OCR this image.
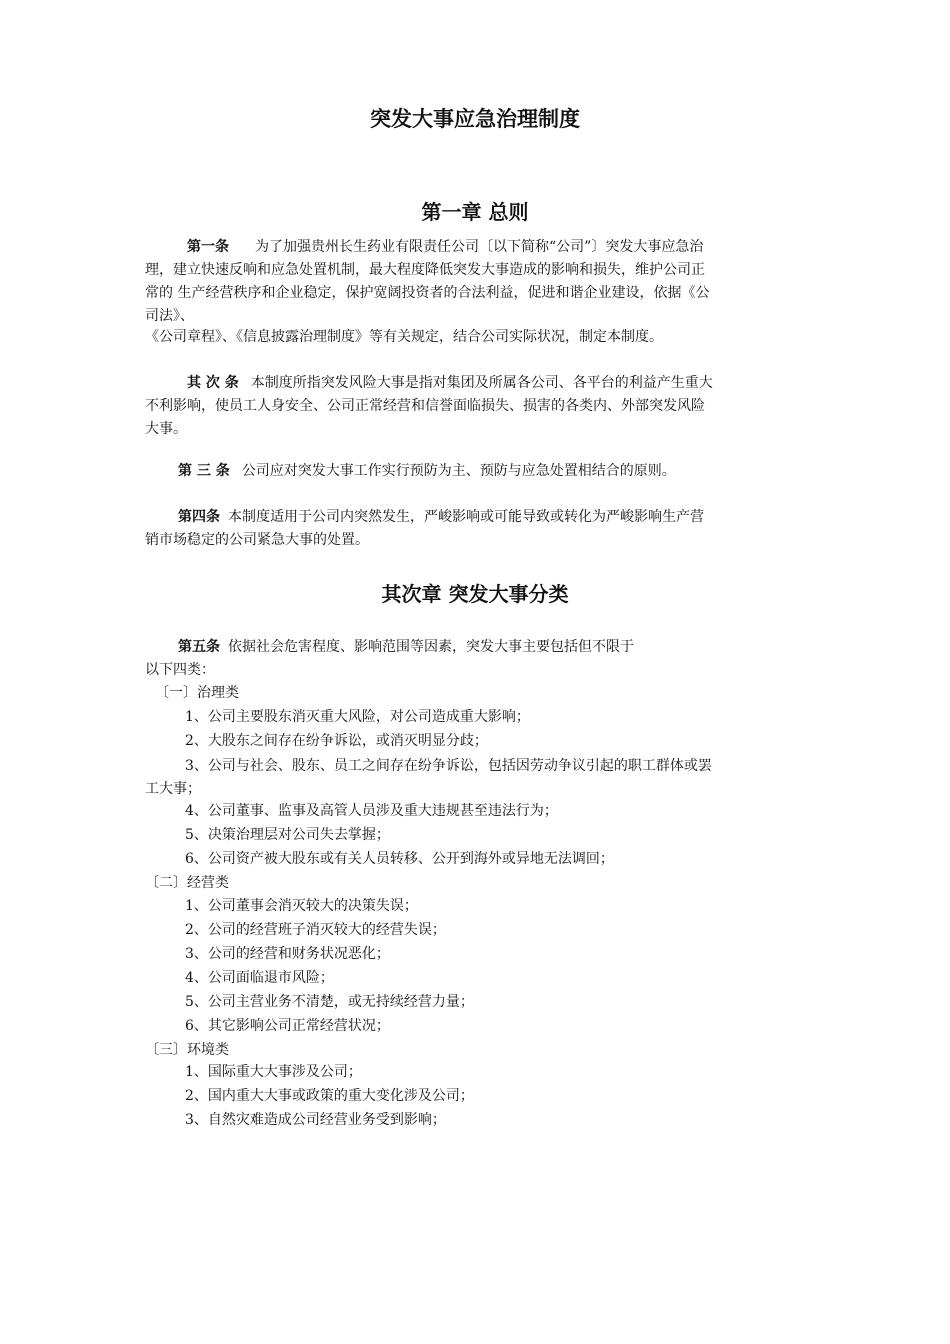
突发大事应急治理制度
第一章 总则
第一条 为了加强贵州长生药业有限责任公司〔以下简称“公司”〕突发大事应急治
理，建立快速反响和应急处置机制，最大程度降低突发大事造成的影响和损失，维护公司正
常的 生产经营秩序和企业稳定，保护宽阔投资者的合法利益，促进和谐企业建设，依据《公
司法》、
《公司章程》、《信息披露治理制度》等有关规定，结合公司实际状况，制定本制度。
其 次 条 本制度所指突发风险大事是指对集团及所属各公司、各平台的利益产生重大
不利影响，使员工人身安全、公司正常经营和信誉面临损失、损害的各类内、外部突发风险
大事。
第 三 条 公司应对突发大事工作实行预防为主、预防与应急处置相结合的原则。
第四条 本制度适用于公司内突然发生，严峻影响或可能导致或转化为严峻影响生产营
销市场稳定的公司紧急大事的处置。
其次章 突发大事分类
第五条 依据社会危害程度、影响范围等因素，突发大事主要包括但不限于
以下四类：
〔一〕治理类
1、公司主要股东消灭重大风险，对公司造成重大影响；
2、大股东之间存在纷争诉讼，或消灭明显分歧；
3、公司与社会、股东、员工之间存在纷争诉讼，包括因劳动争议引起的职工群体或罢
工大事；
4、公司董事、监事及高管人员涉及重大违规甚至违法行为；
5、决策治理层对公司失去掌握；
6、公司资产被大股东或有关人员转移、公开到海外或异地无法调回；
〔二〕经营类
1、公司董事会消灭较大的决策失误；
2、公司的经营班子消灭较大的经营失误；
3、公司的经营和财务状况恶化；
4、公司面临退市风险；
5、公司主营业务不清楚，或无持续经营力量；
6、其它影响公司正常经营状况；
〔三〕环境类
1、国际重大大事涉及公司；
2、国内重大大事或政策的重大变化涉及公司；
3、自然灾难造成公司经营业务受到影响；
